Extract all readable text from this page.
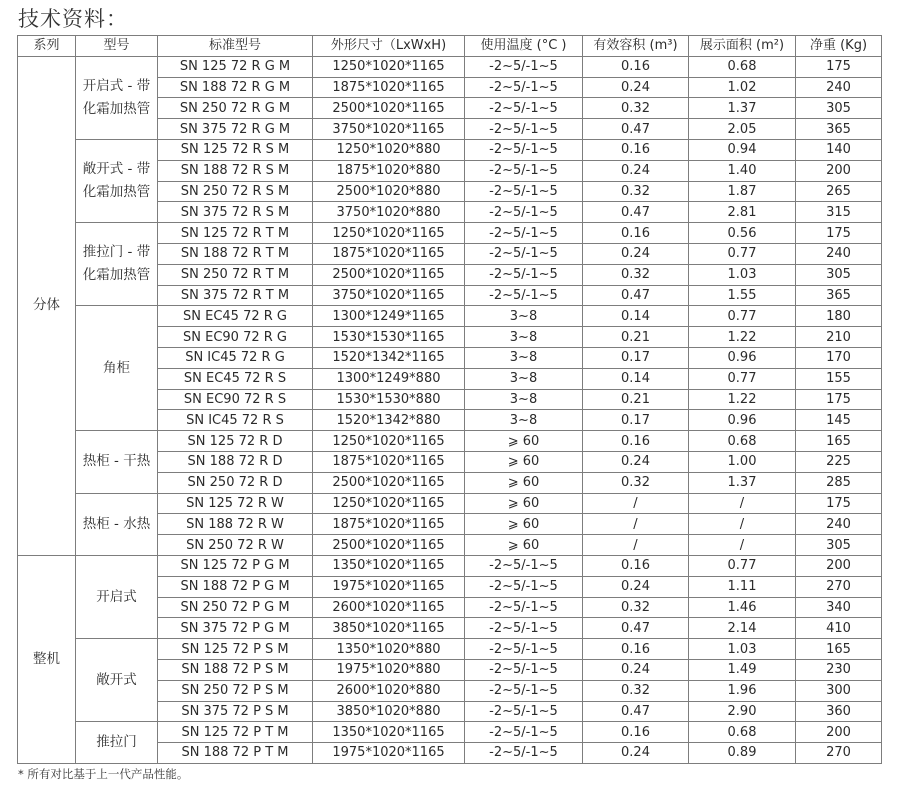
技术资料：
系列	型号	标准型号	外形尺寸（LxWxH)	使用温度 (°C )	有效容积 (m³)	展示面积 (m²)	净重 (Kg)
分体	开启式 - 带化霜加热管	SN 125 72 R G M	1250*1020*1165	-2~5/-1~5	0.16	0.68	175
		SN 188 72 R G M	1875*1020*1165	-2~5/-1~5	0.24	1.02	240
		SN 250 72 R G M	2500*1020*1165	-2~5/-1~5	0.32	1.37	305
		SN 375 72 R G M	3750*1020*1165	-2~5/-1~5	0.47	2.05	365
	敞开式 - 带化霜加热管	SN 125 72 R S M	1250*1020*880	-2~5/-1~5	0.16	0.94	140
		SN 188 72 R S M	1875*1020*880	-2~5/-1~5	0.24	1.40	200
		SN 250 72 R S M	2500*1020*880	-2~5/-1~5	0.32	1.87	265
		SN 375 72 R S M	3750*1020*880	-2~5/-1~5	0.47	2.81	315
	推拉门 - 带化霜加热管	SN 125 72 R T M	1250*1020*1165	-2~5/-1~5	0.16	0.56	175
		SN 188 72 R T M	1875*1020*1165	-2~5/-1~5	0.24	0.77	240
		SN 250 72 R T M	2500*1020*1165	-2~5/-1~5	0.32	1.03	305
		SN 375 72 R T M	3750*1020*1165	-2~5/-1~5	0.47	1.55	365
	角柜	SN EC45 72 R G	1300*1249*1165	3~8	0.14	0.77	180
		SN EC90 72 R G	1530*1530*1165	3~8	0.21	1.22	210
		SN IC45 72 R G	1520*1342*1165	3~8	0.17	0.96	170
		SN EC45 72 R S	1300*1249*880	3~8	0.14	0.77	155
		SN EC90 72 R S	1530*1530*880	3~8	0.21	1.22	175
		SN IC45 72 R S	1520*1342*880	3~8	0.17	0.96	145
	热柜 - 干热	SN 125 72 R D	1250*1020*1165	⩾ 60	0.16	0.68	165
		SN 188 72 R D	1875*1020*1165	⩾ 60	0.24	1.00	225
		SN 250 72 R D	2500*1020*1165	⩾ 60	0.32	1.37	285
	热柜 - 水热	SN 125 72 R W	1250*1020*1165	⩾ 60	/	/	175
		SN 188 72 R W	1875*1020*1165	⩾ 60	/	/	240
		SN 250 72 R W	2500*1020*1165	⩾ 60	/	/	305
整机	开启式	SN 125 72 P G M	1350*1020*1165	-2~5/-1~5	0.16	0.77	200
		SN 188 72 P G M	1975*1020*1165	-2~5/-1~5	0.24	1.11	270
		SN 250 72 P G M	2600*1020*1165	-2~5/-1~5	0.32	1.46	340
		SN 375 72 P G M	3850*1020*1165	-2~5/-1~5	0.47	2.14	410
	敞开式	SN 125 72 P S M	1350*1020*880	-2~5/-1~5	0.16	1.03	165
		SN 188 72 P S M	1975*1020*880	-2~5/-1~5	0.24	1.49	230
		SN 250 72 P S M	2600*1020*880	-2~5/-1~5	0.32	1.96	300
		SN 375 72 P S M	3850*1020*880	-2~5/-1~5	0.47	2.90	360
	推拉门	SN 125 72 P T M	1350*1020*1165	-2~5/-1~5	0.16	0.68	200
		SN 188 72 P T M	1975*1020*1165	-2~5/-1~5	0.24	0.89	270
* 所有对比基于上一代产品性能。
